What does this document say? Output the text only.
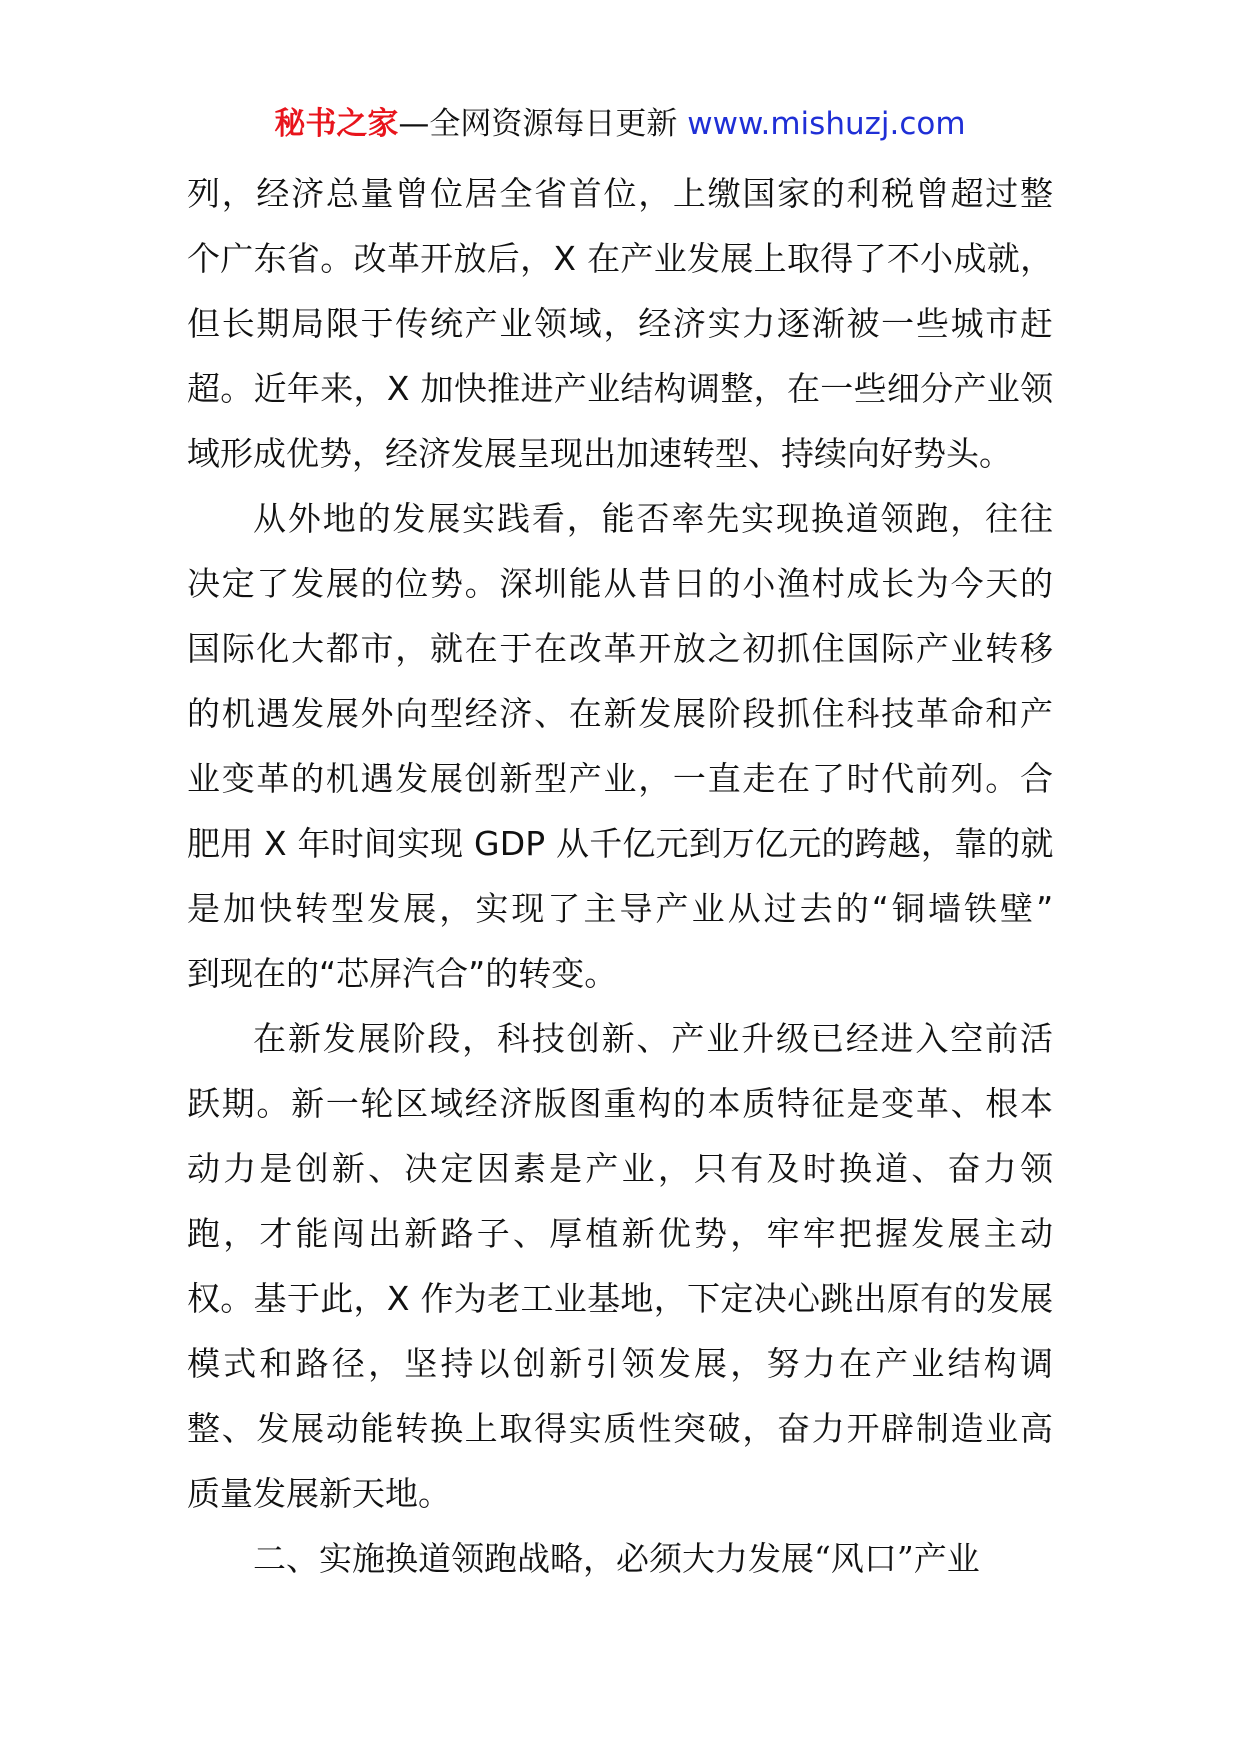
秘书之家—全网资源每日更新 www.mishuzj.com
列，经济总量曾位居全省首位，上缴国家的利税曾超过整
个广东省。改革开放后，X 在产业发展上取得了不小成就，
但长期局限于传统产业领域，经济实力逐渐被一些城市赶
超。近年来，X 加快推进产业结构调整，在一些细分产业领
域形成优势，经济发展呈现出加速转型、持续向好势头。
从外地的发展实践看，能否率先实现换道领跑，往往
决定了发展的位势。深圳能从昔日的小渔村成长为今天的
国际化大都市，就在于在改革开放之初抓住国际产业转移
的机遇发展外向型经济、在新发展阶段抓住科技革命和产
业变革的机遇发展创新型产业，一直走在了时代前列。合
肥用 X 年时间实现 GDP 从千亿元到万亿元的跨越，靠的就
是加快转型发展，实现了主导产业从过去的“铜墙铁壁”
到现在的“芯屏汽合”的转变。
在新发展阶段，科技创新、产业升级已经进入空前活
跃期。新一轮区域经济版图重构的本质特征是变革、根本
动力是创新、决定因素是产业，只有及时换道、奋力领
跑，才能闯出新路子、厚植新优势，牢牢把握发展主动
权。基于此，X 作为老工业基地，下定决心跳出原有的发展
模式和路径，坚持以创新引领发展，努力在产业结构调
整、发展动能转换上取得实质性突破，奋力开辟制造业高
质量发展新天地。
二、实施换道领跑战略，必须大力发展“风口”产业
